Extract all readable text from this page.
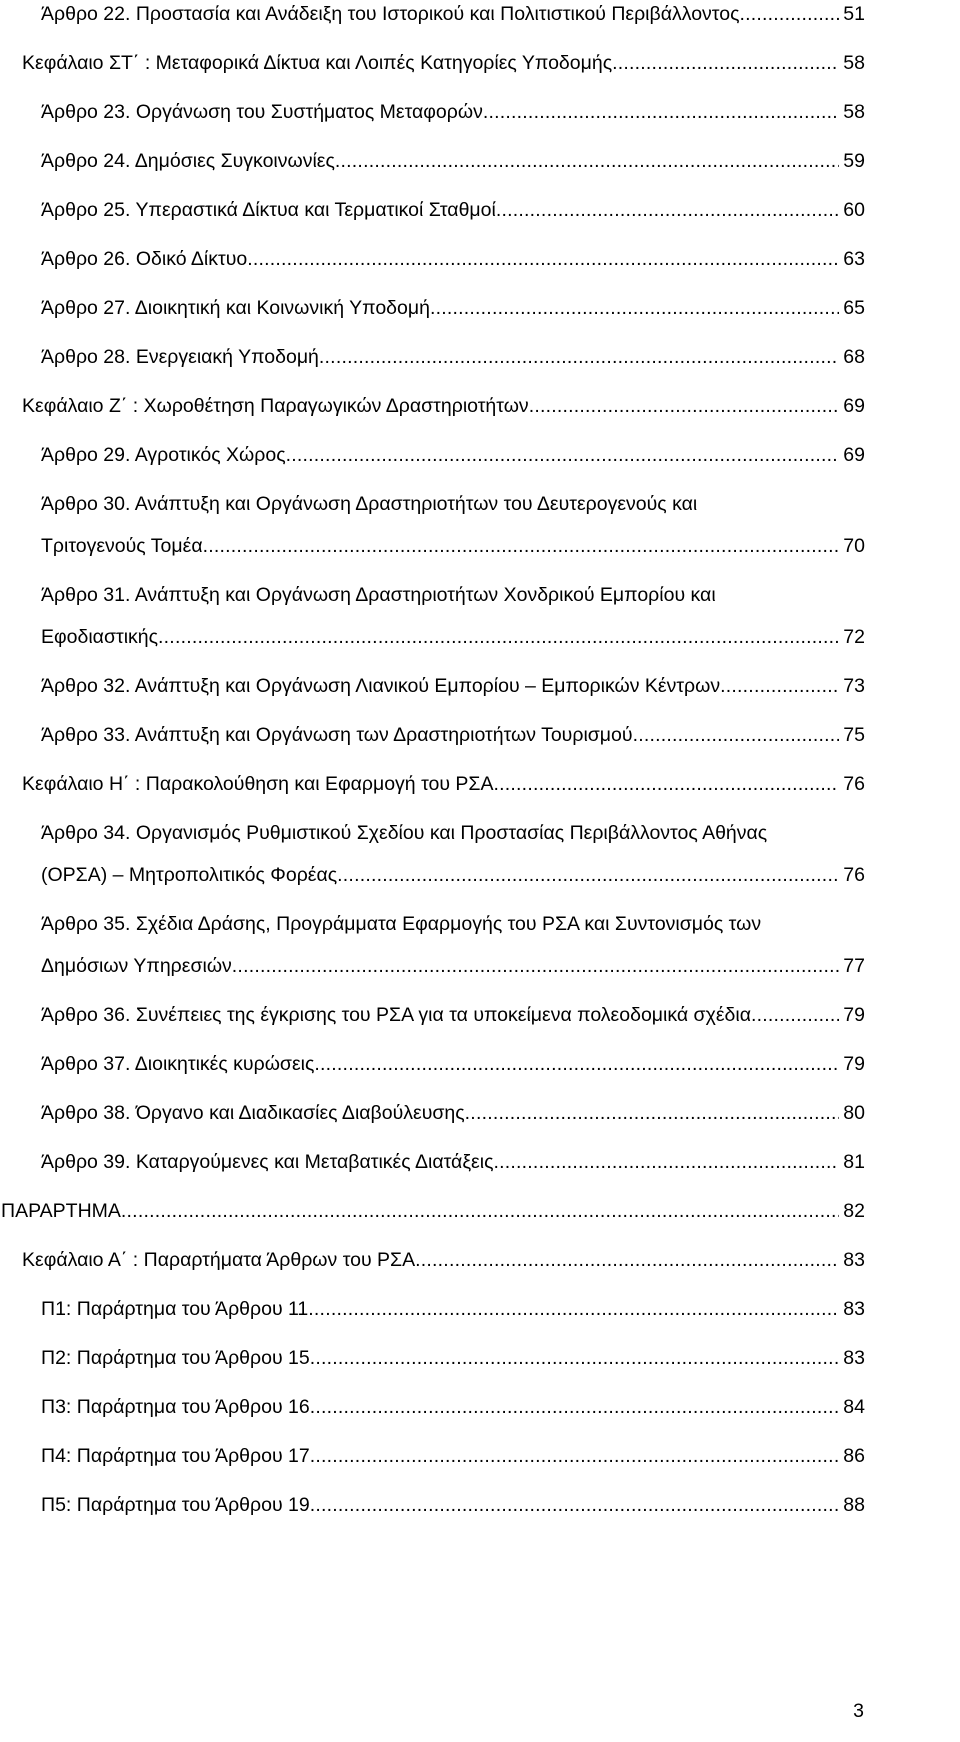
Άρθρο 22. Προστασία και Ανάδειξη του Ιστορικού και Πολιτιστικού Περιβάλλοντος . . .	51
Κεφάλαιο ΣΤ΄ : Μεταφορικά Δίκτυα και Λοιπές Κατηγορίες Υποδομής . . .	58
Άρθρο 23. Οργάνωση του Συστήματος Μεταφορών . . .	58
Άρθρο 24. Δημόσιες Συγκοινωνίες . . .	59
Άρθρο 25. Υπεραστικά Δίκτυα και Τερματικοί Σταθμοί . . .	60
Άρθρο 26. Οδικό Δίκτυο . . .	63
Άρθρο 27. Διοικητική και Κοινωνική Υποδομή . . .	65
Άρθρο 28. Ενεργειακή Υποδομή . . .	68
Κεφάλαιο Ζ΄ : Χωροθέτηση Παραγωγικών Δραστηριοτήτων . . .	69
Άρθρο 29. Αγροτικός Χώρος . . .	69
Άρθρο 30. Ανάπτυξη και Οργάνωση Δραστηριοτήτων του Δευτερογενούς και
Τριτογενούς Τομέα . . .	70
Άρθρο 31. Ανάπτυξη και Οργάνωση Δραστηριοτήτων Χονδρικού Εμπορίου και
Εφοδιαστικής . . .	72
Άρθρο 32. Ανάπτυξη και Οργάνωση Λιανικού Εμπορίου – Εμπορικών Κέντρων . . .	73
Άρθρο 33. Ανάπτυξη και Οργάνωση των Δραστηριοτήτων Τουρισμού . . .	75
Κεφάλαιο Η΄ : Παρακολούθηση και Εφαρμογή του ΡΣΑ . . .	76
Άρθρο 34. Οργανισμός Ρυθμιστικού Σχεδίου και Προστασίας Περιβάλλοντος Αθήνας
(ΟΡΣΑ) – Μητροπολιτικός Φορέας . . .	76
Άρθρο 35. Σχέδια Δράσης, Προγράμματα Εφαρμογής του ΡΣΑ και Συντονισμός των
Δημόσιων Υπηρεσιών . . .	77
Άρθρο 36. Συνέπειες της έγκρισης του ΡΣΑ για τα υποκείμενα πολεοδομικά σχέδια . . .	79
Άρθρο 37. Διοικητικές κυρώσεις . . .	79
Άρθρο 38. Όργανο και Διαδικασίες Διαβούλευσης . . .	80
Άρθρο 39. Καταργούμενες και Μεταβατικές Διατάξεις . . .	81
ΠΑΡΑΡΤΗΜΑ . . .	82
Κεφάλαιο Α΄ : Παραρτήματα Άρθρων του ΡΣΑ . . .	83
Π1: Παράρτημα του Άρθρου 11 . . .	83
Π2: Παράρτημα του Άρθρου 15 . . .	83
Π3: Παράρτημα του Άρθρου 16 . . .	84
Π4: Παράρτημα του Άρθρου 17 . . .	86
Π5: Παράρτημα του Άρθρου 19 . . .	88
3
